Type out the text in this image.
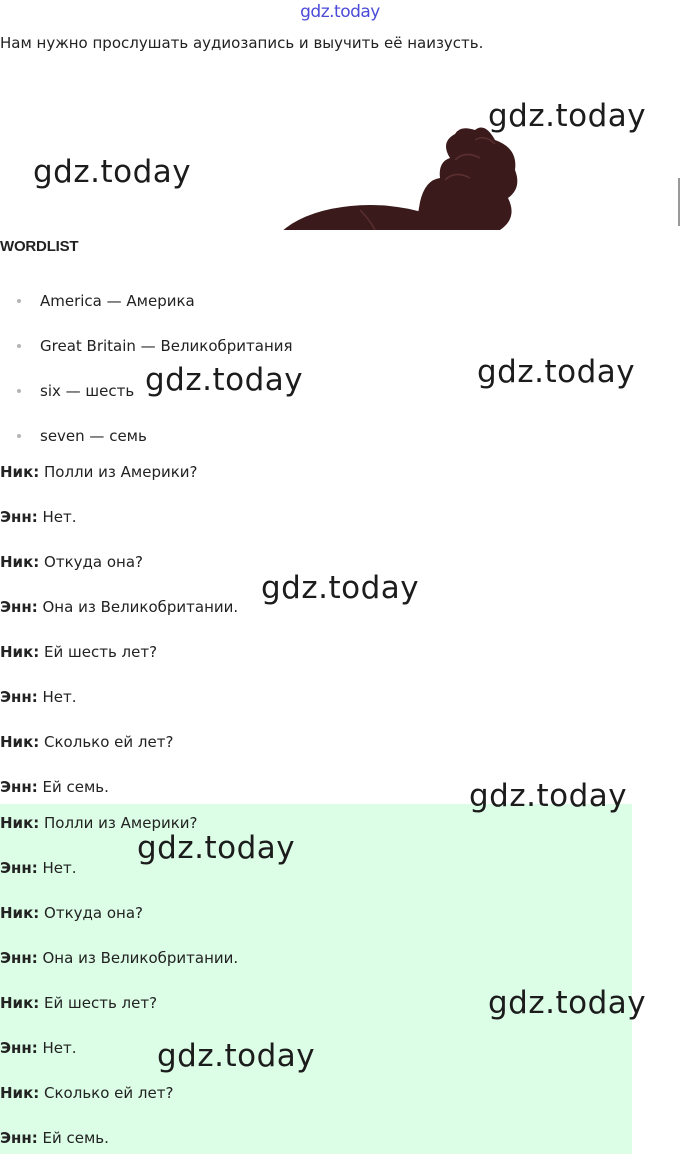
gdz.today
Нам нужно прослушать аудиозапись и выучить её наизусть.
WORDLIST
America — Америка
Great Britain — Великобритания
six — шесть
seven — семь
Ник: Полли из Америки?
Энн: Нет.
Ник: Откуда она?
Энн: Она из Великобритании.
Ник: Ей шесть лет?
Энн: Нет.
Ник: Сколько ей лет?
Энн: Ей семь.
Ник: Полли из Америки?
Энн: Нет.
Ник: Откуда она?
Энн: Она из Великобритании.
Ник: Ей шесть лет?
Энн: Нет.
Ник: Сколько ей лет?
Энн: Ей семь.
gdz.today
gdz.today
gdz.today	gdz.today
gdz.today
gdz.today
gdz.today
gdz.today
gdz.today
